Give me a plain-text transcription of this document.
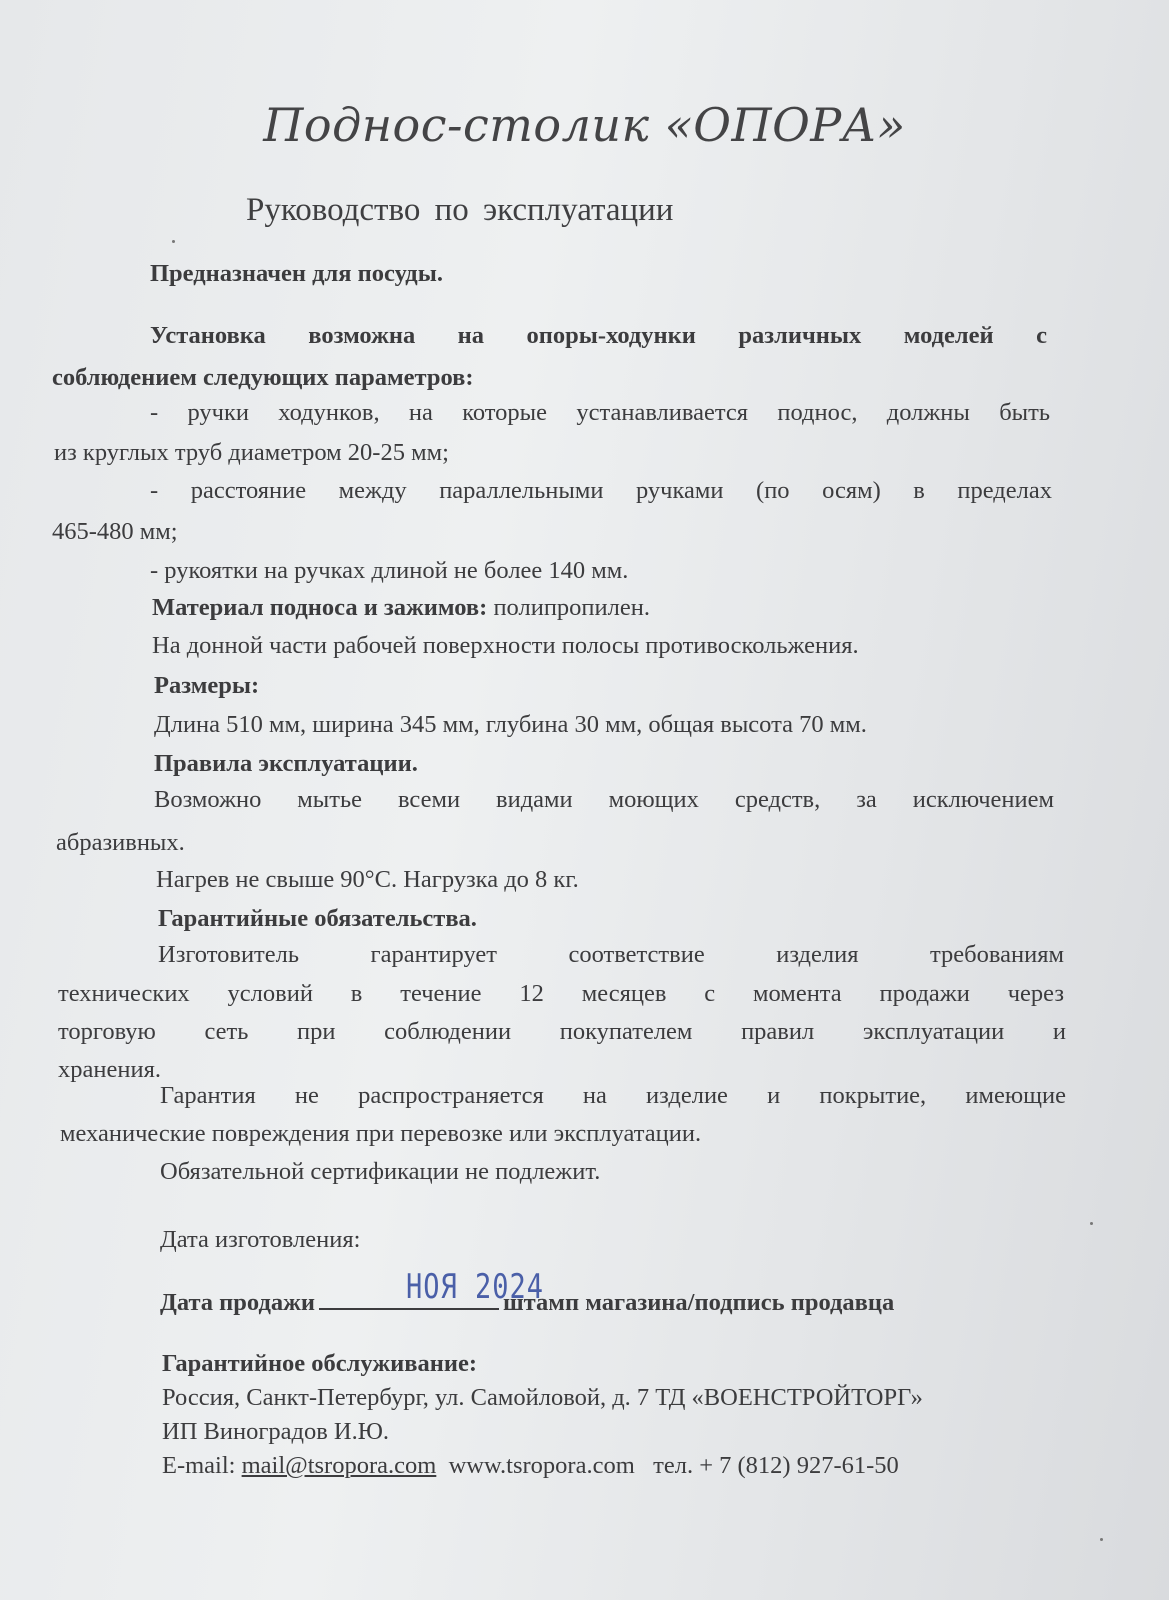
Поднос-столик «ОПОРА»
Руководство по эксплуатации
Предназначен для посуды.
Установка возможна на опоры-ходунки различных моделей с
соблюдением следующих параметров:
- ручки ходунков, на которые устанавливается поднос, должны быть
из круглых труб диаметром 20-25 мм;
- расстояние между параллельными ручками (по осям) в пределах
465-480 мм;
- рукоятки на ручках длиной не более 140 мм.
Материал подноса и зажимов: полипропилен.
На донной части рабочей поверхности полосы противоскольжения.
Размеры:
Длина 510 мм, ширина 345 мм, глубина 30 мм, общая высота 70 мм.
Правила эксплуатации.
Возможно мытье всеми видами моющих средств, за исключением
абразивных.
Нагрев не свыше 90°С. Нагрузка до 8 кг.
Гарантийные обязательства.
Изготовитель гарантирует соответствие изделия требованиям
технических условий в течение 12 месяцев с момента продажи через
торговую сеть при соблюдении покупателем правил эксплуатации и
хранения.
Гарантия не распространяется на изделие и покрытие, имеющие
механические повреждения при перевозке или эксплуатации.
Обязательной сертификации не подлежит.
Дата изготовления:
НОЯ 2024
Дата продажи	штамп магазина/подпись продавца
Гарантийное обслуживание:
Россия, Санкт-Петербург, ул. Самойловой, д. 7 ТД «ВОЕНСТРОЙТОРГ»
ИП Виноградов И.Ю.
E-mail: mail@tsropora.com www.tsropora.com тел. + 7 (812) 927-61-50
